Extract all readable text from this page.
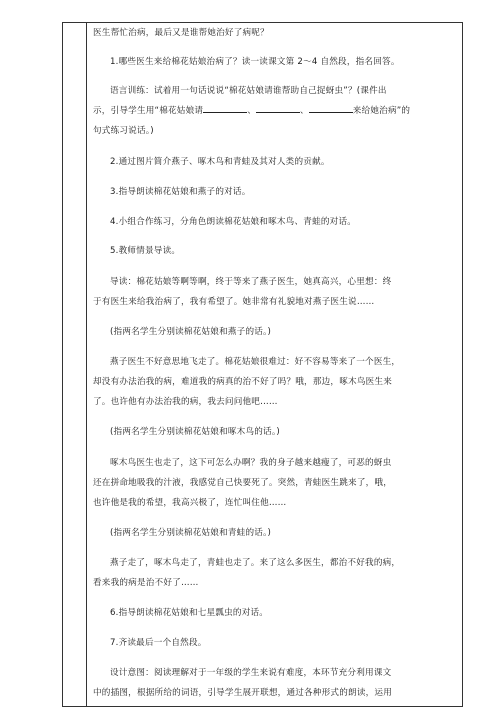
医生帮忙治病，最后又是谁帮她治好了病呢？
1.哪些医生来给棉花姑娘治病了？读一读课文第 2～4 自然段，指名回答。
语言训练：试着用一句话说说“棉花姑娘请谁帮助自己捉蚜虫”？(课件出
示，引导学生用“棉花姑娘请	、	、	来给她治病”的
句式练习说话。)
2.通过图片简介燕子、啄木鸟和青蛙及其对人类的贡献。
3.指导朗读棉花姑娘和燕子的对话。
4.小组合作练习，分角色朗读棉花姑娘和啄木鸟、青蛙的对话。
5.教师情景导读。
导读：棉花姑娘等啊等啊，终于等来了燕子医生，她真高兴，心里想：终
于有医生来给我治病了，我有希望了。她非常有礼貌地对燕子医生说……
(指两名学生分别读棉花姑娘和燕子的话。)
燕子医生不好意思地飞走了。棉花姑娘很难过：好不容易等来了一个医生，
却没有办法治我的病，难道我的病真的治不好了吗？哦，那边，啄木鸟医生来
了。也许他有办法治我的病，我去问问他吧……
(指两名学生分别读棉花姑娘和啄木鸟的话。)
啄木鸟医生也走了，这下可怎么办啊？我的身子越来越瘦了，可恶的蚜虫
还在拼命地吸我的汁液，我感觉自己快要死了。突然，青蛙医生跳来了，哦，
也许他是我的希望，我高兴极了，连忙叫住他……
(指两名学生分别读棉花姑娘和青蛙的话。)
燕子走了，啄木鸟走了，青蛙也走了。来了这么多医生，都治不好我的病，
看来我的病是治不好了……
6.指导朗读棉花姑娘和七星瓢虫的对话。
7.齐读最后一个自然段。
设计意图：阅读理解对于一年级的学生来说有难度，本环节充分利用课文
中的插图，根据所给的词语，引导学生展开联想，通过各种形式的朗读，运用
